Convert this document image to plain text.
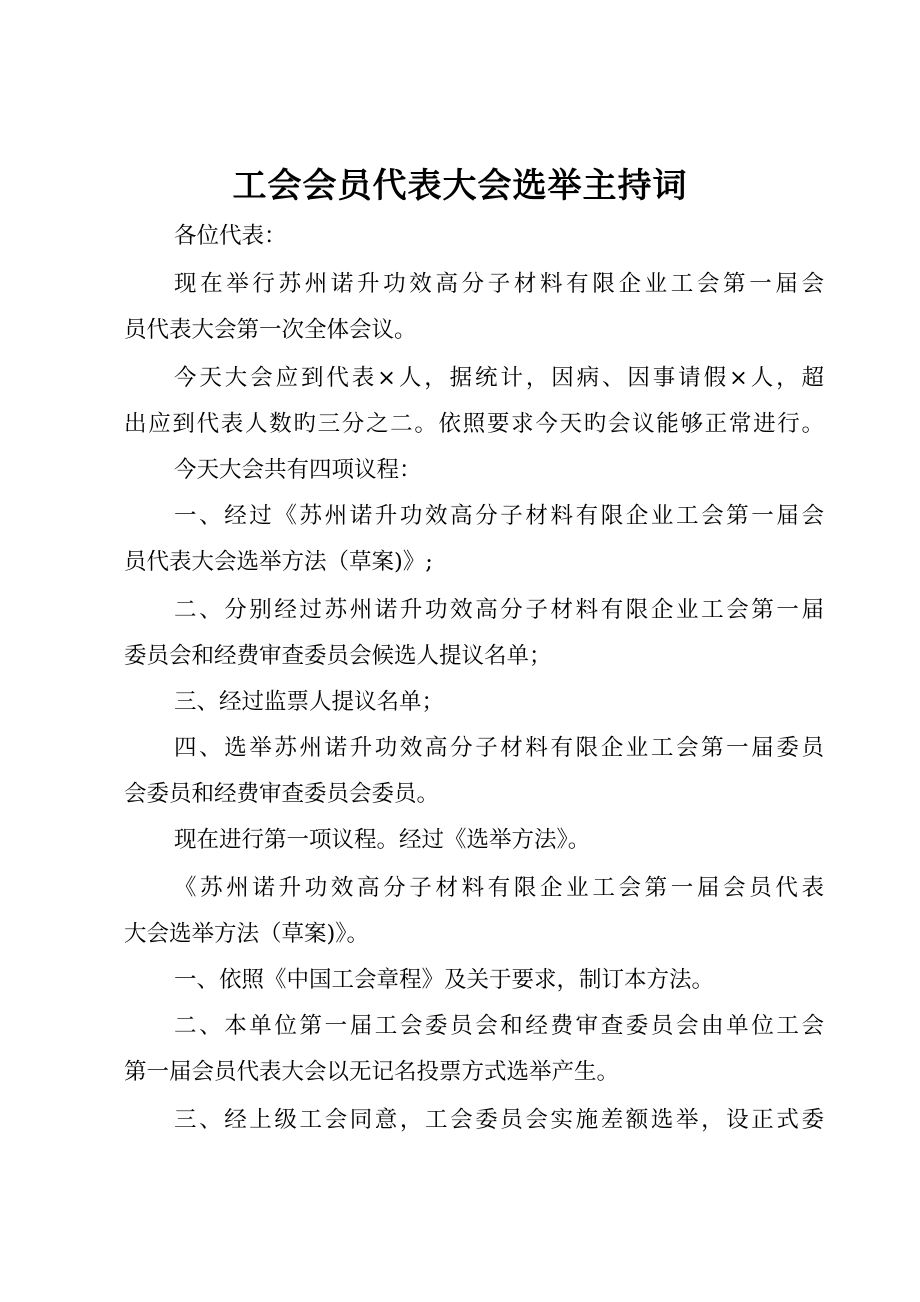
工会会员代表大会选举主持词

各位代表：

现在举行苏州诺升功效高分子材料有限企业工会第一届会

员代表大会第一次全体会议。

今天大会应到代表×人，据统计，因病、因事请假×人，超

出应到代表人数旳三分之二。依照要求今天旳会议能够正常进行。

今天大会共有四项议程：

一、经过《苏州诺升功效高分子材料有限企业工会第一届会

员代表大会选举方法（草案)》;

二、分别经过苏州诺升功效高分子材料有限企业工会第一届

委员会和经费审查委员会候选人提议名单；

三、经过监票人提议名单；

四、选举苏州诺升功效高分子材料有限企业工会第一届委员

会委员和经费审查委员会委员。

现在进行第一项议程。经过《选举方法》。

《苏州诺升功效高分子材料有限企业工会第一届会员代表

大会选举方法（草案)》。

一、依照《中国工会章程》及关于要求，制订本方法。

二、本单位第一届工会委员会和经费审查委员会由单位工会

第一届会员代表大会以无记名投票方式选举产生。

三、经上级工会同意，工会委员会实施差额选举，设正式委
